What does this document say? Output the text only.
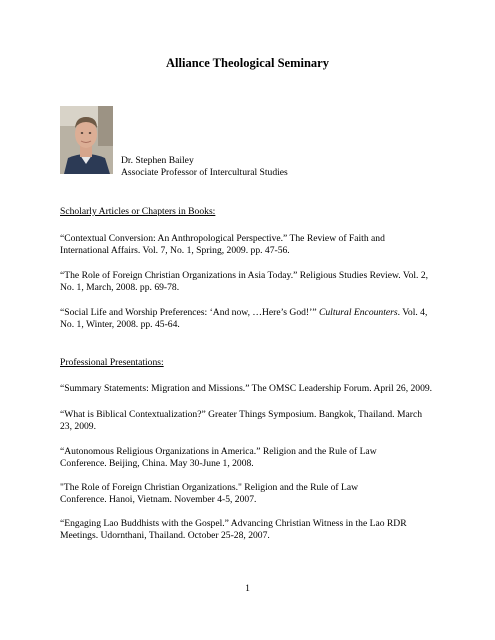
Alliance Theological Seminary
Dr. Stephen Bailey
Associate Professor of Intercultural Studies
Scholarly Articles or Chapters in Books:
“Contextual Conversion: An Anthropological Perspective.” The Review of Faith and
International Affairs. Vol. 7, No. 1, Spring, 2009. pp. 47-56.
“The Role of Foreign Christian Organizations in Asia Today.” Religious Studies Review. Vol. 2,
No. 1, March, 2008. pp. 69-78.
“Social Life and Worship Preferences: ‘And now, …Here’s God!’” Cultural Encounters. Vol. 4,
No. 1, Winter, 2008. pp. 45-64.
Professional Presentations:
“Summary Statements: Migration and Missions.” The OMSC Leadership Forum. April 26, 2009.
“What is Biblical Contextualization?” Greater Things Symposium. Bangkok, Thailand. March
23, 2009.
“Autonomous Religious Organizations in America.” Religion and the Rule of Law
Conference. Beijing, China. May 30-June 1, 2008.
"The Role of Foreign Christian Organizations." Religion and the Rule of Law
Conference. Hanoi, Vietnam. November 4-5, 2007.
“Engaging Lao Buddhists with the Gospel.” Advancing Christian Witness in the Lao RDR
Meetings. Udornthani, Thailand. October 25-28, 2007.
1
